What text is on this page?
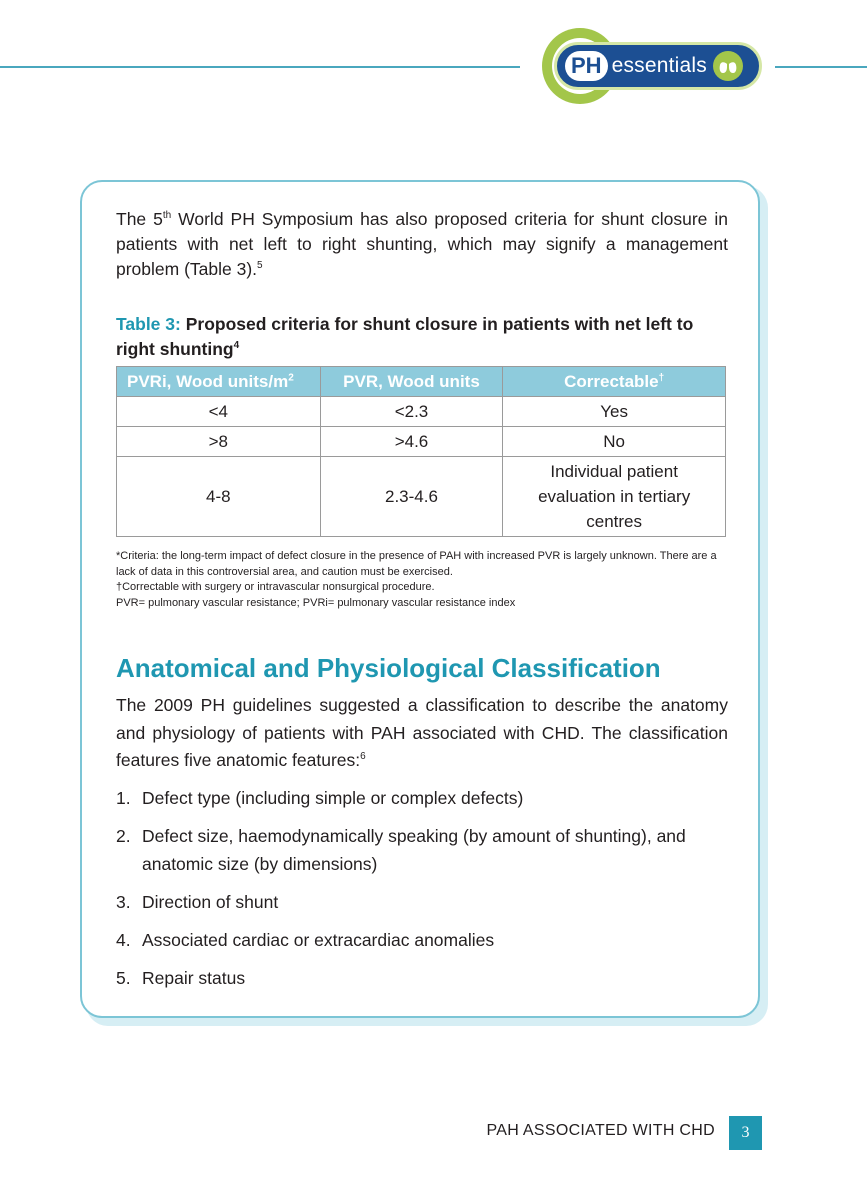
PH essentials

The 5th World PH Symposium has also proposed criteria for shunt closure in patients with net left to right shunting, which may signify a management problem (Table 3).$^5$

Table 3: Proposed criteria for shunt closure in patients with net left to right shunting$^4$

PVRi, Wood units/$m^2$	PVR, Wood units	Correctable†
<4	<2.3	Yes
>8	>4.6	No
4-8	2.3-4.6	Individual patient evaluation in tertiary centres
*Criteria: the long-term impact of defect closure in the presence of PAH with increased PVR is largely unknown. There are a lack of data in this controversial area, and caution must be exercised.
†Correctable with surgery or intravascular nonsurgical procedure.
PVR= pulmonary vascular resistance; PVRi= pulmonary vascular resistance index
Anatomical and Physiological Classification

The 2009 PH guidelines suggested a classification to describe the anatomy and physiology of patients with PAH associated with CHD. The classification features five anatomic features:$^6$

1. Defect type (including simple or complex defects)
2. Defect size, haemodynamically speaking (by amount of shunting), and anatomic size (by dimensions)
3. Direction of shunt
4. Associated cardiac or extracardiac anomalies
5. Repair status
PAH ASSOCIATED WITH CHD	3
